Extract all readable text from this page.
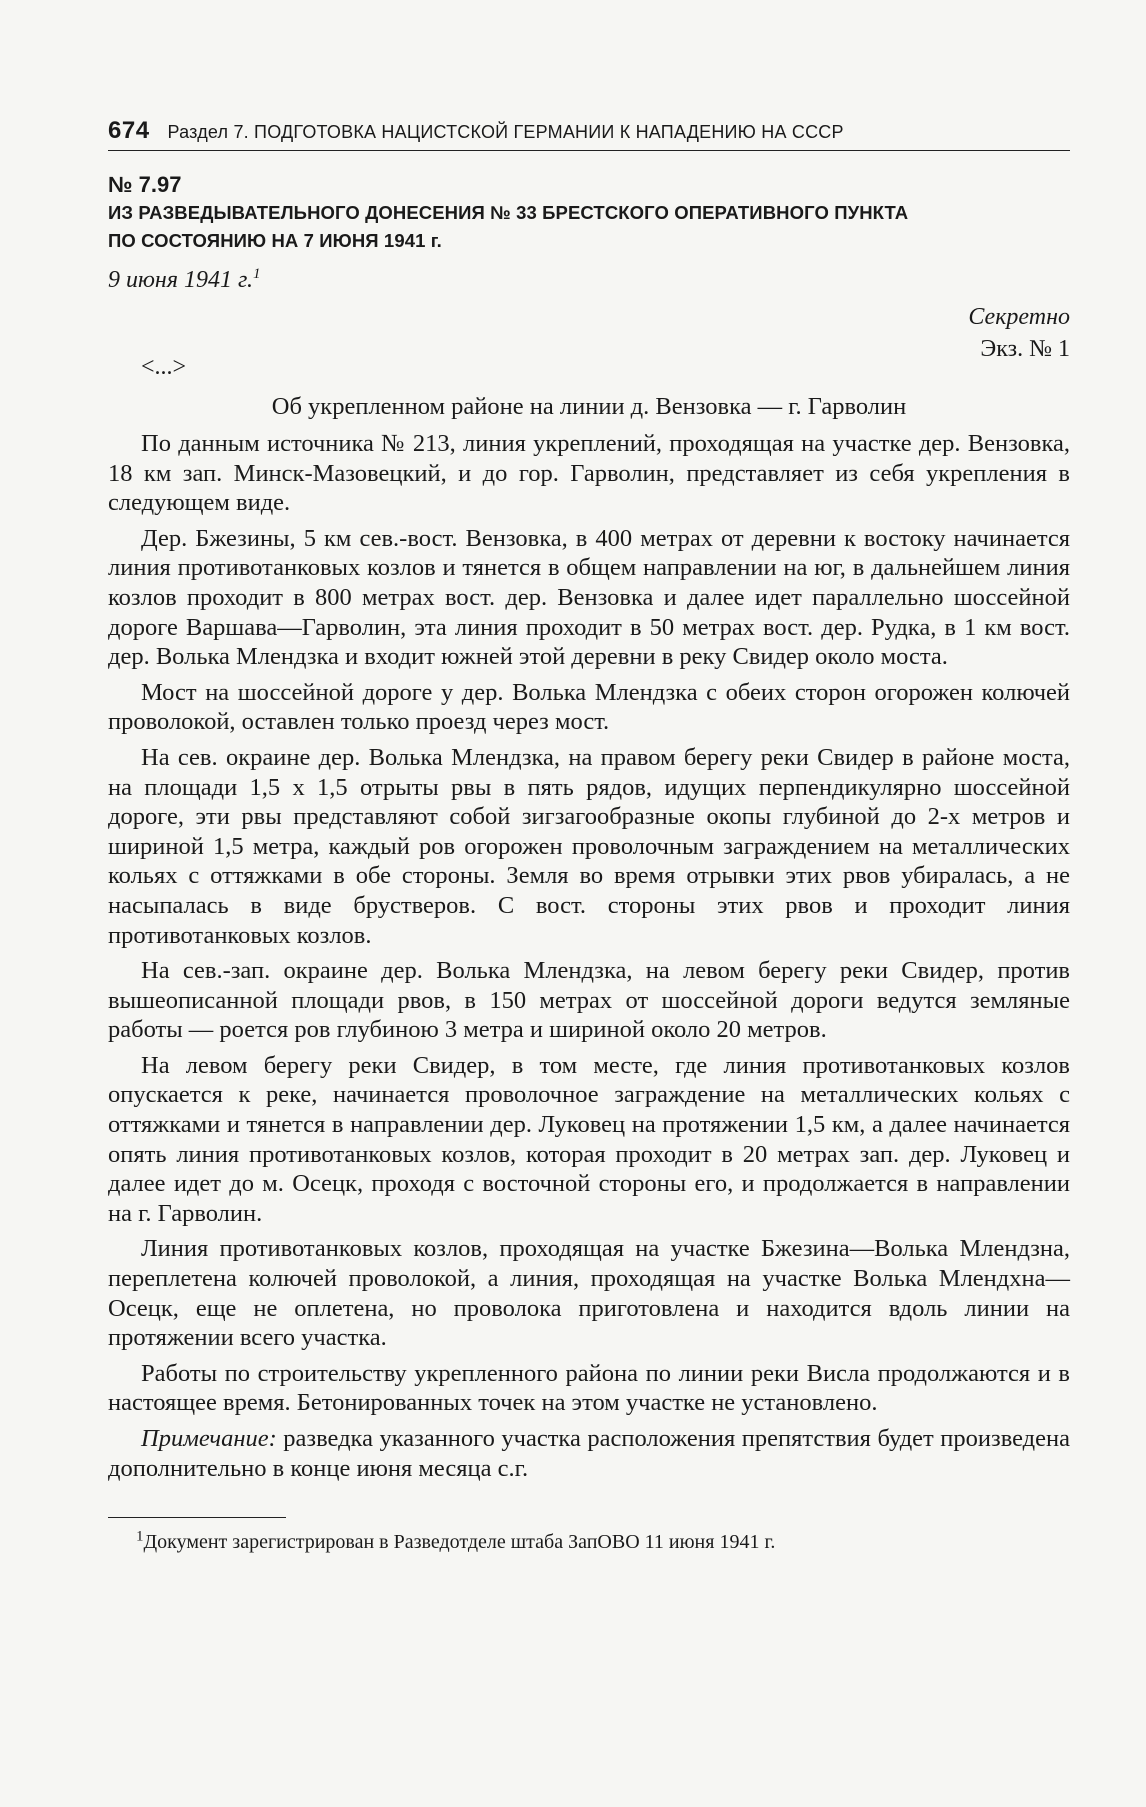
674 Раздел 7. ПОДГОТОВКА НАЦИСТСКОЙ ГЕРМАНИИ К НАПАДЕНИЮ НА СССР
№ 7.97

ИЗ РАЗВЕДЫВАТЕЛЬНОГО ДОНЕСЕНИЯ № 33 БРЕСТСКОГО ОПЕРАТИВНОГО ПУНКТА

ПО СОСТОЯНИЮ НА 7 ИЮНЯ 1941 г.

9 июня 1941 г.$^1$
Секретно
Экз. № 1
<...>
Об укрепленном районе на линии д. Вензовка — г. Гарволин

По данным источника № 213, линия укреплений, проходящая на участке дер. Вензовка, 18 км зап. Минск-Мазовецкий, и до гор. Гарволин, представляет из себя укрепления в следующем виде.

Дер. Бжезины, 5 км сев.-вост. Вензовка, в 400 метрах от деревни к востоку начинается линия противотанковых козлов и тянется в общем направлении на юг, в дальнейшем линия козлов проходит в 800 метрах вост. дер. Вензовка и далее идет параллельно шоссейной дороге Варшава—Гарволин, эта линия проходит в 50 метрах вост. дер. Рудка, в 1 км вост. дер. Волька Млендзка и входит южней этой деревни в реку Свидер около моста.

Мост на шоссейной дороге у дер. Волька Млендзка с обеих сторон огорожен колючей проволокой, оставлен только проезд через мост.

На сев. окраине дер. Волька Млендзка, на правом берегу реки Свидер в районе моста, на площади 1,5 х 1,5 отрыты рвы в пять рядов, идущих перпендикулярно шоссейной дороге, эти рвы представляют собой зигзагообразные окопы глубиной до 2-х метров и шириной 1,5 метра, каждый ров огорожен проволочным заграждением на металлических кольях с оттяжками в обе стороны. Земля во время отрывки этих рвов убиралась, а не насыпалась в виде брустверов. С вост. стороны этих рвов и проходит линия противотанковых козлов.

На сев.-зап. окраине дер. Волька Млендзка, на левом берегу реки Свидер, против вышеописанной площади рвов, в 150 метрах от шоссейной дороги ведутся земляные работы — роется ров глубиною 3 метра и шириной около 20 метров.

На левом берегу реки Свидер, в том месте, где линия противотанковых козлов опускается к реке, начинается проволочное заграждение на металлических кольях с оттяжками и тянется в направлении дер. Луковец на протяжении 1,5 км, а далее начинается опять линия противотанковых козлов, которая проходит в 20 метрах зап. дер. Луковец и далее идет до м. Осецк, проходя с восточной стороны его, и продолжается в направлении на г. Гарволин.

Линия противотанковых козлов, проходящая на участке Бжезина—Волька Млендзна, переплетена колючей проволокой, а линия, проходящая на участке Волька Млендхна—Осецк, еще не оплетена, но проволока приготовлена и находится вдоль линии на протяжении всего участка.

Работы по строительству укрепленного района по линии реки Висла продолжаются и в настоящее время. Бетонированных точек на этом участке не установлено.

Примечание: разведка указанного участка расположения препятствия будет произведена дополнительно в конце июня месяца с.г.

$^1$Документ зарегистрирован в Разведотделе штаба ЗапОВО 11 июня 1941 г.
